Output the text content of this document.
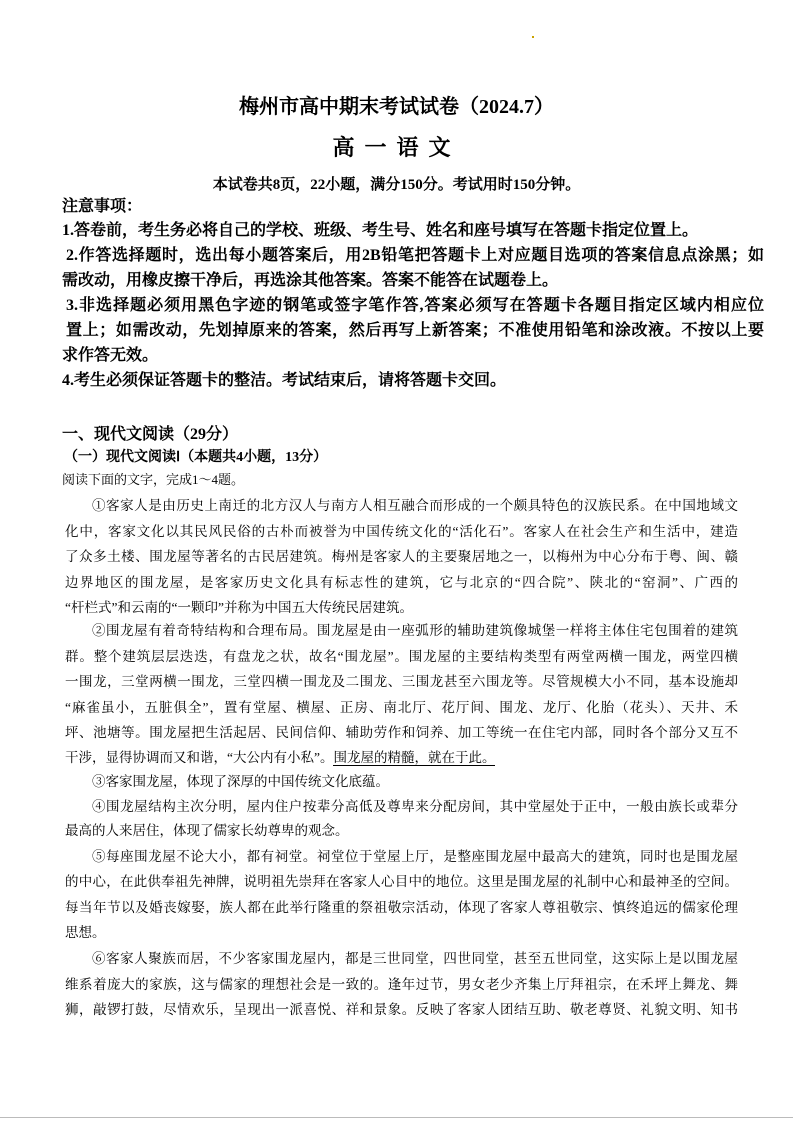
梅州市高中期末考试试卷（2024.7）
高一语文
本试卷共8页，22小题，满分150分。考试用时150分钟。
注意事项：
1.答卷前，考生务必将自己的学校、班级、考生号、姓名和座号填写在答题卡指定位置上。
2.作答选择题时，选出每小题答案后，用2B铅笔把答题卡上对应题目选项的答案信息点涂黑；如
需改动，用橡皮擦干净后，再选涂其他答案。答案不能答在试题卷上。
3.非选择题必须用黑色字迹的钢笔或签字笔作答,答案必须写在答题卡各题目指定区域内相应位
置上；如需改动，先划掉原来的答案，然后再写上新答案；不准使用铅笔和涂改液。不按以上要
求作答无效。
4.考生必须保证答题卡的整洁。考试结束后，请将答题卡交回。
一、现代文阅读（29分）
（一）现代文阅读Ⅰ（本题共4小题，13分）
阅读下面的文字，完成1～4题。
①客家人是由历史上南迁的北方汉人与南方人相互融合而形成的一个颇具特色的汉族民系。在中国地域文
化中，客家文化以其民风民俗的古朴而被誉为中国传统文化的“活化石”。客家人在社会生产和生活中，建造
了众多土楼、围龙屋等著名的古民居建筑。梅州是客家人的主要聚居地之一，以梅州为中心分布于粤、闽、赣
边界地区的围龙屋，是客家历史文化具有标志性的建筑，它与北京的“四合院”、陕北的“窑洞”、广西的
“杆栏式”和云南的“一颗印”并称为中国五大传统民居建筑。
②围龙屋有着奇特结构和合理布局。围龙屋是由一座弧形的辅助建筑像城堡一样将主体住宅包围着的建筑
群。整个建筑层层迭迭，有盘龙之状，故名“围龙屋”。围龙屋的主要结构类型有两堂两横一围龙，两堂四横
一围龙，三堂两横一围龙，三堂四横一围龙及二围龙、三围龙甚至六围龙等。尽管规模大小不同，基本设施却
“麻雀虽小，五脏俱全”，置有堂屋、横屋、正房、南北厅、花厅间、围龙、龙厅、化胎（花头）、天井、禾
坪、池塘等。围龙屋把生活起居、民间信仰、辅助劳作和饲养、加工等统一在住宅内部，同时各个部分又互不
干涉，显得协调而又和谐，“大公内有小私”。围龙屋的精髓，就在于此。
③客家围龙屋，体现了深厚的中国传统文化底蕴。
④围龙屋结构主次分明，屋内住户按辈分高低及尊卑来分配房间，其中堂屋处于正中，一般由族长或辈分
最高的人来居住，体现了儒家长幼尊卑的观念。
⑤每座围龙屋不论大小，都有祠堂。祠堂位于堂屋上厅，是整座围龙屋中最高大的建筑，同时也是围龙屋
的中心，在此供奉祖先神牌，说明祖先崇拜在客家人心目中的地位。这里是围龙屋的礼制中心和最神圣的空间。
每当年节以及婚丧嫁娶，族人都在此举行隆重的祭祖敬宗活动，体现了客家人尊祖敬宗、慎终追远的儒家伦理
思想。
⑥客家人聚族而居，不少客家围龙屋内，都是三世同堂，四世同堂，甚至五世同堂，这实际上是以围龙屋
维系着庞大的家族，这与儒家的理想社会是一致的。逢年过节，男女老少齐集上厅拜祖宗，在禾坪上舞龙、舞
狮，敲锣打鼓，尽情欢乐，呈现出一派喜悦、祥和景象。反映了客家人团结互助、敬老尊贤、礼貌文明、知书
